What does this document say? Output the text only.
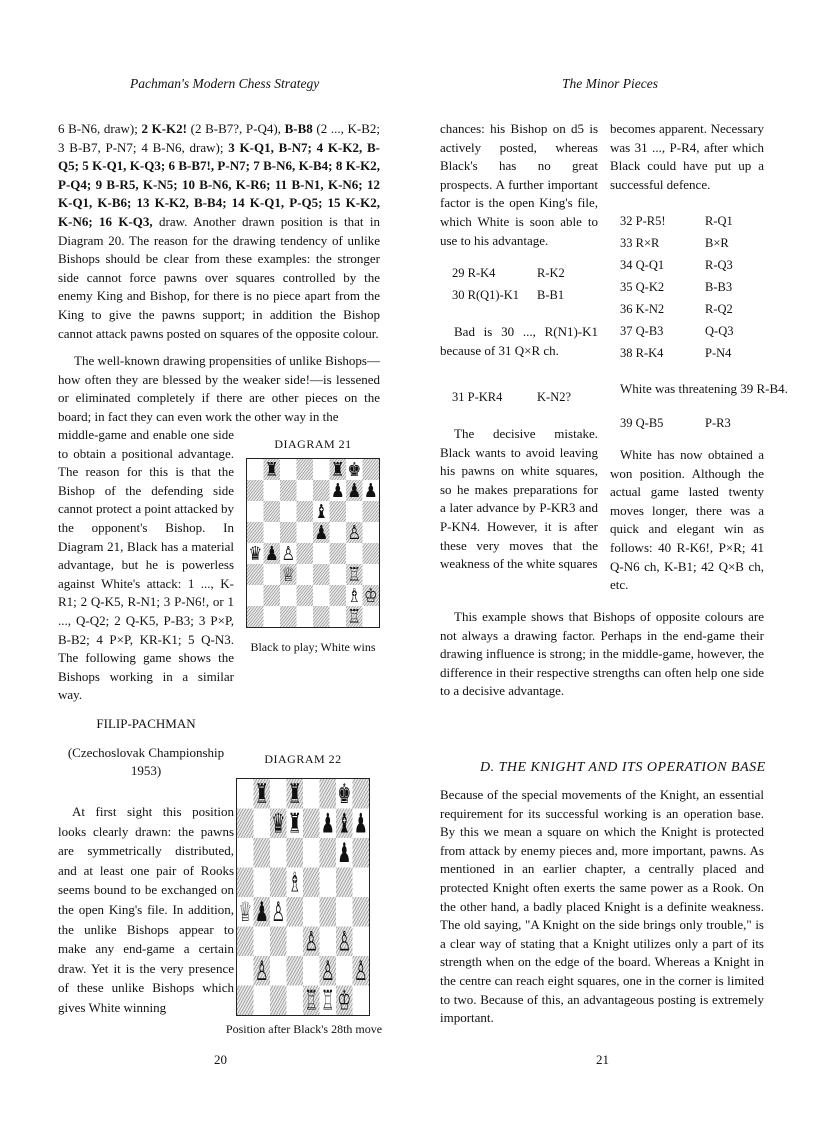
Pachman's Modern Chess Strategy

6 B-N6, draw); 2 K-K2! (2 B-B7?, P-Q4), B-B8 (2 ..., K-B2; 3 B-B7, P-N7; 4 B-N6, draw); 3 K-Q1, B-N7; 4 K-K2, B-Q5; 5 K-Q1, K-Q3; 6 B-B7!, P-N7; 7 B-N6, K-B4; 8 K-K2, P-Q4; 9 B-R5, K-N5; 10 B-N6, K-R6; 11 B-N1, K-N6; 12 K-Q1, K-B6; 13 K-K2, B-B4; 14 K-Q1, P-Q5; 15 K-K2, K-N6; 16 K-Q3, draw. Another drawn position is that in Diagram 20. The reason for the drawing tendency of unlike Bishops should be clear from these examples: the stronger side cannot force pawns over squares controlled by the enemy King and Bishop, for there is no piece apart from the King to give the pawns support; in addition the Bishop cannot attack pawns posted on squares of the opposite colour.

The well-known drawing propensities of unlike Bishops—how often they are blessed by the weaker side!—is lessened or eliminated completely if there are other pieces on the board; in fact they can even work the other way in the

middle-game and enable one side to obtain a positional advantage. The reason for this is that the Bishop of the defending side cannot protect a point attacked by the opponent's Bishop. In Diagram 21, Black has a material advantage, but he is powerless against White's attack: 1 ..., K-R1; 2 Q-K5, R-N1; 3 P-N6!, or 1 ..., Q-Q2; 2 Q-K5, P-B3; 3 P×P, B-B2; 4 P×P, KR-K1; 5 Q-N3. The following game shows the Bishops working in a similar way.

DIAGRAM 21
Black to play; White wins
FILIP-PACHMAN
(Czechoslovak Championship 1953)

At first sight this position looks clearly drawn: the pawns are symmetrically distributed, and at least one pair of Rooks seems bound to be exchanged on the open King's file. In addition, the unlike Bishops appear to make any end-game a certain draw. Yet it is the very presence of these unlike Bishops which gives White winning

DIAGRAM 22
Position after Black's 28th move
20
The Minor Pieces

chances: his Bishop on d5 is actively posted, whereas Black's has no great prospects. A further important factor is the open King's file, which White is soon able to use to his advantage.

29 R-K4	R-K2
30 R(Q1)-K1	B-B1

Bad is 30 ..., R(N1)-K1 because of 31 Q×R ch.

31 P-KR4	K-N2?

The decisive mistake. Black wants to avoid leaving his pawns on white squares, so he makes preparations for a later advance by P-KR3 and P-KN4. However, it is after these very moves that the weakness of the white squares

becomes apparent. Necessary was 31 ..., P-R4, after which Black could have put up a successful defence.

32 P-R5!	R-Q1
33 R×R	B×R
34 Q-Q1	R-Q3
35 Q-K2	B-B3
36 K-N2	R-Q2
37 Q-B3	Q-Q3
38 R-K4	P-N4

White was threatening 39 R-B4.

39 Q-B5	P-R3

White has now obtained a won position. Although the actual game lasted twenty moves longer, there was a quick and elegant win as follows: 40 R-K6!, P×R; 41 Q-N6 ch, K-B1; 42 Q×B ch, etc.

This example shows that Bishops of opposite colours are not always a drawing factor. Perhaps in the end-game their drawing influence is strong; in the middle-game, however, the difference in their respective strengths can often help one side to a decisive advantage.

D. THE KNIGHT AND ITS OPERATION BASE

Because of the special movements of the Knight, an essential requirement for its successful working is an operation base. By this we mean a square on which the Knight is protected from attack by enemy pieces and, more important, pawns. As mentioned in an earlier chapter, a centrally placed and protected Knight often exerts the same power as a Rook. On the other hand, a badly placed Knight is a definite weakness. The old saying, "A Knight on the side brings only trouble," is a clear way of stating that a Knight utilizes only a part of its strength when on the edge of the board. Whereas a Knight in the centre can reach eight squares, one in the corner is limited to two. Because of this, an advantageous posting is extremely important.

21
